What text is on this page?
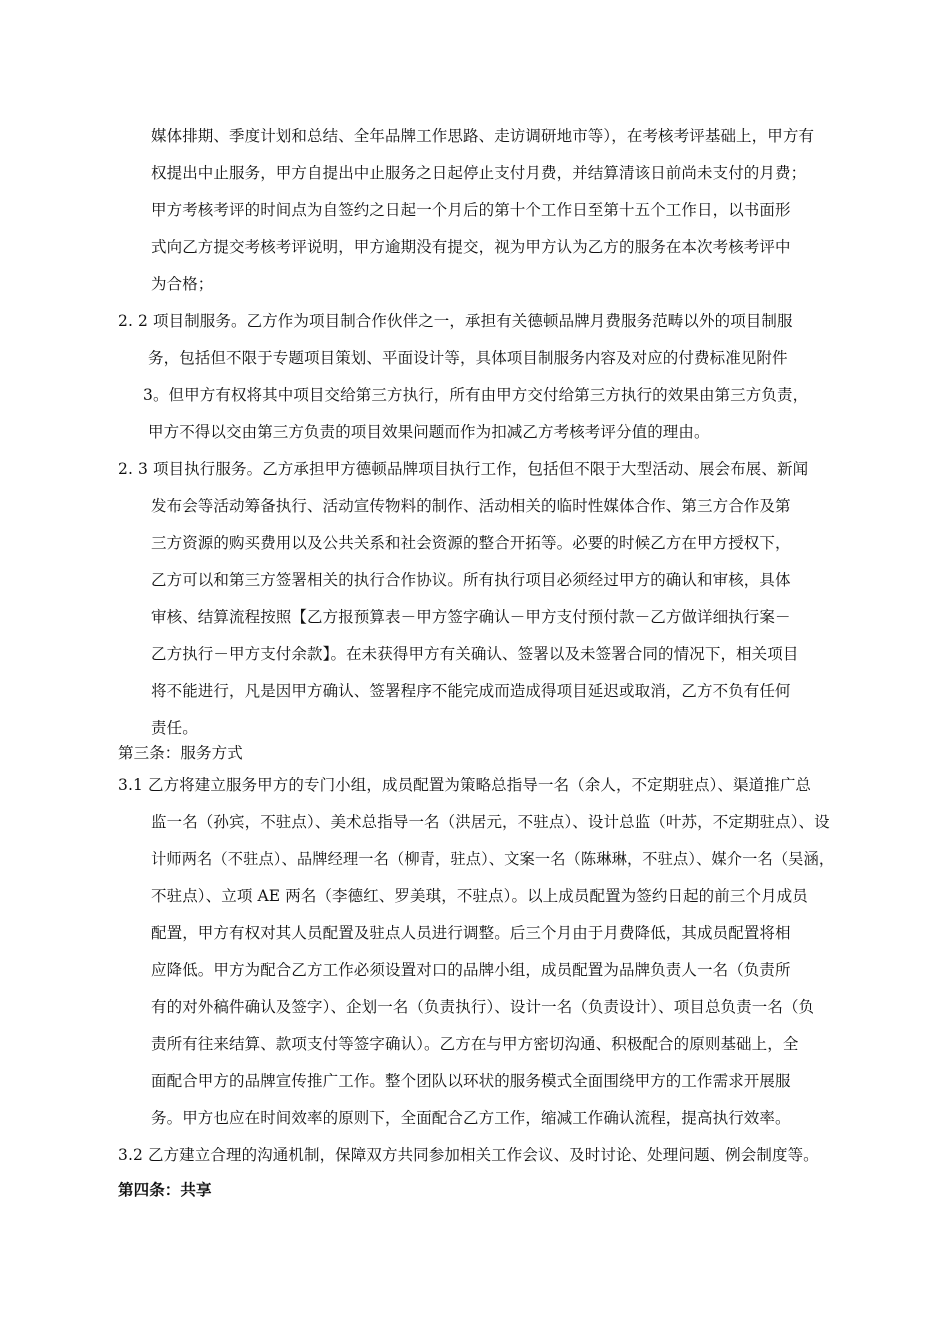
媒体排期、季度计划和总结、全年品牌工作思路、走访调研地市等），在考核考评基础上，甲方有
权提出中止服务，甲方自提出中止服务之日起停止支付月费，并结算清该日前尚未支付的月费；
甲方考核考评的时间点为自签约之日起一个月后的第十个工作日至第十五个工作日，以书面形
式向乙方提交考核考评说明，甲方逾期没有提交，视为甲方认为乙方的服务在本次考核考评中
为合格；
2. 2 项目制服务。乙方作为项目制合作伙伴之一，承担有关德顿品牌月费服务范畴以外的项目制服
务，包括但不限于专题项目策划、平面设计等，具体项目制服务内容及对应的付费标准见附件
3。但甲方有权将其中项目交给第三方执行，所有由甲方交付给第三方执行的效果由第三方负责，
甲方不得以交由第三方负责的项目效果问题而作为扣减乙方考核考评分值的理由。
2. 3 项目执行服务。乙方承担甲方德顿品牌项目执行工作，包括但不限于大型活动、展会布展、新闻
发布会等活动筹备执行、活动宣传物料的制作、活动相关的临时性媒体合作、第三方合作及第
三方资源的购买费用以及公共关系和社会资源的整合开拓等。必要的时候乙方在甲方授权下，
乙方可以和第三方签署相关的执行合作协议。所有执行项目必须经过甲方的确认和审核，具体
审核、结算流程按照【乙方报预算表－甲方签字确认－甲方支付预付款－乙方做详细执行案－
乙方执行－甲方支付余款】。在未获得甲方有关确认、签署以及未签署合同的情况下，相关项目
将不能进行，凡是因甲方确认、签署程序不能完成而造成得项目延迟或取消，乙方不负有任何
责任。
第三条：服务方式
3.1 乙方将建立服务甲方的专门小组，成员配置为策略总指导一名（余人，不定期驻点）、渠道推广总
监一名（孙宾，不驻点）、美术总指导一名（洪居元，不驻点）、设计总监（叶苏，不定期驻点）、设
计师两名（不驻点）、品牌经理一名（柳青，驻点）、文案一名（陈琳琳，不驻点）、媒介一名（吴涵，
不驻点）、立项 AE 两名（李德红、罗美琪，不驻点）。以上成员配置为签约日起的前三个月成员
配置，甲方有权对其人员配置及驻点人员进行调整。后三个月由于月费降低，其成员配置将相
应降低。甲方为配合乙方工作必须设置对口的品牌小组，成员配置为品牌负责人一名（负责所
有的对外稿件确认及签字）、企划一名（负责执行）、设计一名（负责设计）、项目总负责一名（负
责所有往来结算、款项支付等签字确认）。乙方在与甲方密切沟通、积极配合的原则基础上，全
面配合甲方的品牌宣传推广工作。整个团队以环状的服务模式全面围绕甲方的工作需求开展服
务。甲方也应在时间效率的原则下，全面配合乙方工作，缩减工作确认流程，提高执行效率。
3.2 乙方建立合理的沟通机制，保障双方共同参加相关工作会议、及时讨论、处理问题、例会制度等。
第四条：共享
